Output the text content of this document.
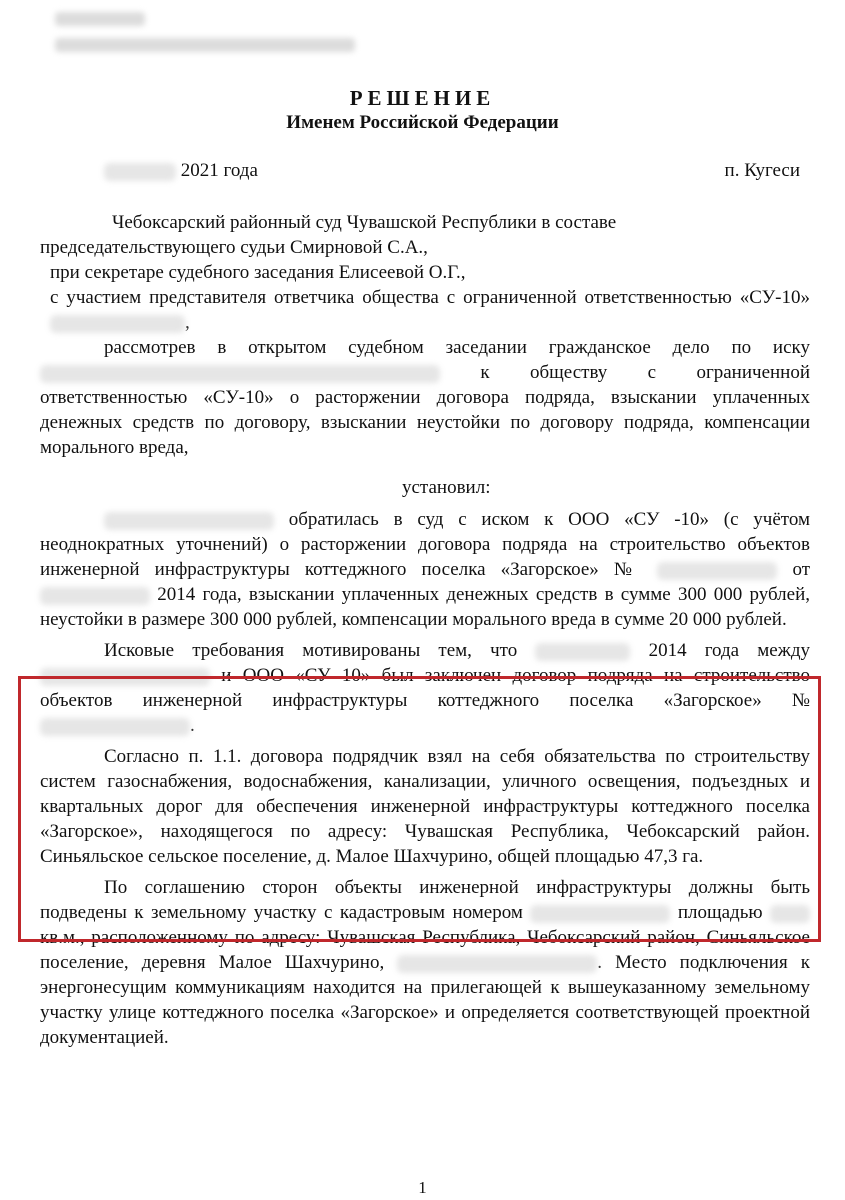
РЕШЕНИЕ
Именем Российской Федерации
2021 года	п. Кугеси

Чебоксарский районный суд Чувашской Республики в составе

председательствующего судьи Смирновой С.А.,

при секретаре судебного заседания Елисеевой О.Г.,

с участием представителя ответчика общества с ограниченной ответственностью «СУ-10» ,

рассмотрев в открытом судебном заседании гражданское дело по иску  к обществу с ограниченной ответственностью «СУ-10» о расторжении договора подряда, взыскании уплаченных денежных средств по договору, взыскании неустойки по договору подряда, компенсации морального вреда,

установил:

обратилась в суд с иском к ООО «СУ -10» (с учётом неоднократных уточнений) о расторжении договора подряда на строительство объектов инженерной инфраструктуры коттеджного поселка «Загорское» №	от  2014 года, взыскании уплаченных денежных средств в сумме 300 000 рублей, неустойки в размере 300 000 рублей, компенсации морального вреда в сумме 20 000 рублей.

Исковые требования мотивированы тем, что	2014 года между  и ООО «СУ 10» был заключен договор подряда на строительство объектов инженерной инфраструктуры коттеджного поселка «Загорское» № .

Согласно п. 1.1. договора подрядчик взял на себя обязательства по строительству систем газоснабжения, водоснабжения, канализации, уличного освещения, подъездных и квартальных дорог для обеспечения инженерной инфраструктуры коттеджного поселка «Загорское», находящегося по адресу: Чувашская Республика, Чебоксарский район. Синьяльское сельское поселение, д. Малое Шахчурино, общей площадью 47,3 га.

По соглашению сторон объекты инженерной инфраструктуры должны быть подведены к земельному участку с кадастровым номером	площадью  кв.м., расположенному по адресу: Чувашская Республика, Чебоксарский район, Синьяльское поселение, деревня Малое Шахчурино,	. Место подключения к энергонесущим коммуникациям находится на прилегающей к вышеуказанному земельному участку улице коттеджного поселка «Загорское» и определяется соответствующей проектной документацией.

1
